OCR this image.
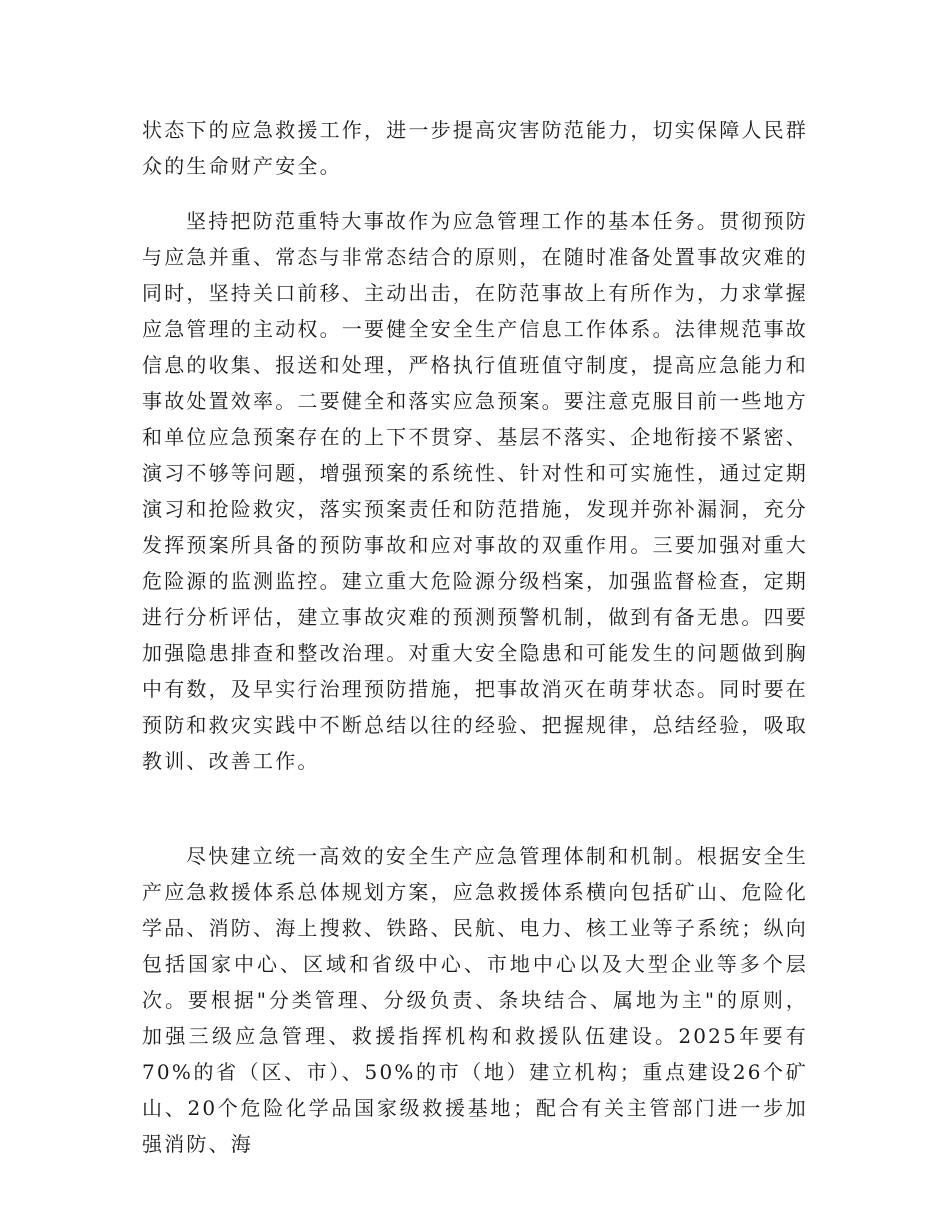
状态下的应急救援工作，进一步提高灾害防范能力，切实保障人民群众的生命财产安全。

坚持把防范重特大事故作为应急管理工作的基本任务。贯彻预防与应急并重、常态与非常态结合的原则，在随时准备处置事故灾难的同时，坚持关口前移、主动出击，在防范事故上有所作为，力求掌握应急管理的主动权。一要健全安全生产信息工作体系。法律规范事故信息的收集、报送和处理，严格执行值班值守制度，提高应急能力和事故处置效率。二要健全和落实应急预案。要注意克服目前一些地方和单位应急预案存在的上下不贯穿、基层不落实、企地衔接不紧密、演习不够等问题，增强预案的系统性、针对性和可实施性，通过定期演习和抢险救灾，落实预案责任和防范措施，发现并弥补漏洞，充分发挥预案所具备的预防事故和应对事故的双重作用。三要加强对重大危险源的监测监控。建立重大危险源分级档案，加强监督检查，定期进行分析评估，建立事故灾难的预测预警机制，做到有备无患。四要加强隐患排查和整改治理。对重大安全隐患和可能发生的问题做到胸中有数，及早实行治理预防措施，把事故消灭在萌芽状态。同时要在预防和救灾实践中不断总结以往的经验、把握规律，总结经验，吸取教训、改善工作。

尽快建立统一高效的安全生产应急管理体制和机制。根据安全生产应急救援体系总体规划方案，应急救援体系横向包括矿山、危险化学品、消防、海上搜救、铁路、民航、电力、核工业等子系统；纵向包括国家中心、区域和省级中心、市地中心以及大型企业等多个层次。要根据"分类管理、分级负责、条块结合、属地为主"的原则，加强三级应急管理、救援指挥机构和救援队伍建设。2025年要有70%的省（区、市）、50%的市（地）建立机构；重点建设26个矿山、20个危险化学品国家级救援基地；配合有关主管部门进一步加强消防、海
